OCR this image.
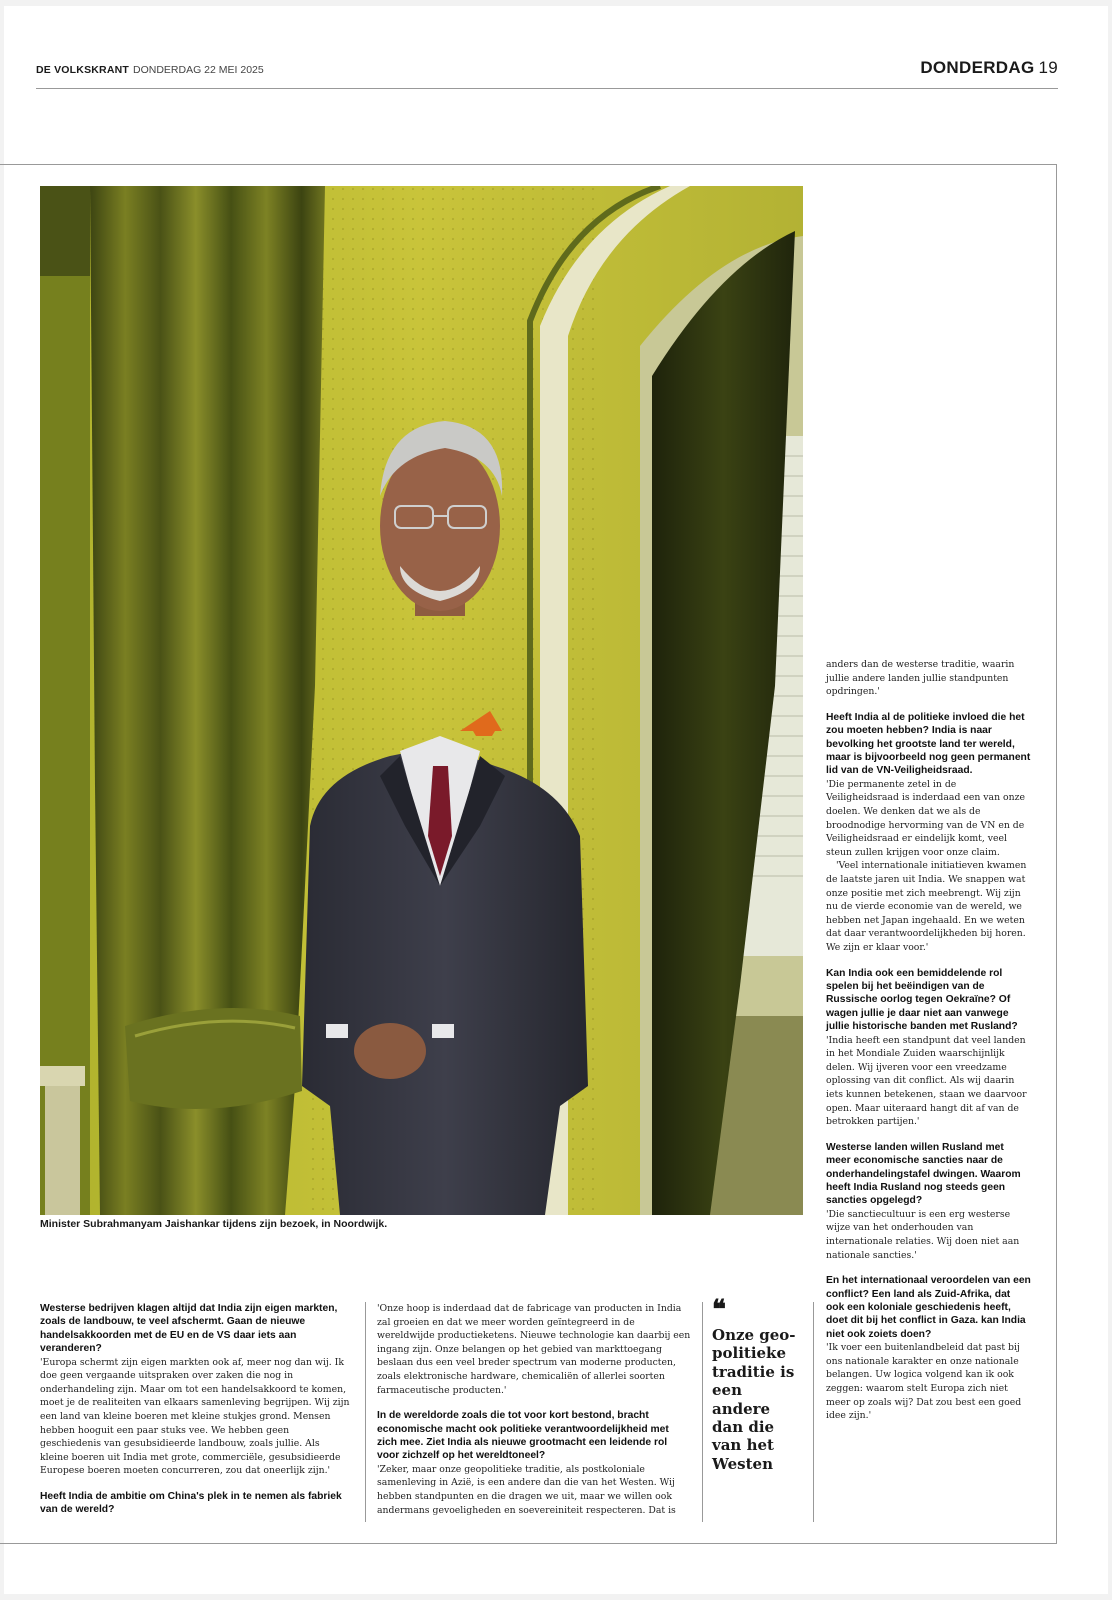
DE VOLKSKRANT DONDERDAG 22 MEI 2025	DONDERDAG 19
Minister Subrahmanyam Jaishankar tijdens zijn bezoek, in Noordwijk.

Westerse bedrijven klagen altijd dat India zijn eigen markten, zoals de landbouw, te veel afschermt. Gaan de nieuwe handelsakkoorden met de EU en de VS daar iets aan veranderen?

'Europa schermt zijn eigen markten ook af, meer nog dan wij. Ik doe geen vergaande uitspraken over zaken die nog in onderhandeling zijn. Maar om tot een handelsakkoord te komen, moet je de realiteiten van elkaars samenleving begrijpen. Wij zijn een land van kleine boeren met kleine stukjes grond. Mensen hebben hooguit een paar stuks vee. We hebben geen geschiedenis van gesubsidieerde landbouw, zoals jullie. Als kleine boeren uit India met grote, commerciële, gesubsidieerde Europese boeren moeten concurreren, zou dat oneerlijk zijn.'

Heeft India de ambitie om China's plek in te nemen als fabriek van de wereld?

'Onze hoop is inderdaad dat de fabricage van producten in India zal groeien en dat we meer worden geïntegreerd in de wereldwijde productieketens. Nieuwe technologie kan daarbij een ingang zijn. Onze belangen op het gebied van markttoegang beslaan dus een veel breder spectrum van moderne producten, zoals elektronische hardware, chemicaliën of allerlei soorten farmaceutische producten.'

In de wereldorde zoals die tot voor kort bestond, bracht economische macht ook politieke verantwoordelijkheid met zich mee. Ziet India als nieuwe grootmacht een leidende rol voor zichzelf op het wereldtoneel?

'Zeker, maar onze geopolitieke traditie, als postkoloniale samenleving in Azië, is een andere dan die van het Westen. Wij hebben standpunten en die dragen we uit, maar we willen ook andermans gevoeligheden en soevereiniteit respecteren. Dat is

❝
Onze geo-politieke traditie is een andere dan die van het Westen

anders dan de westerse traditie, waarin jullie andere landen jullie standpunten opdringen.'

Heeft India al de politieke invloed die het zou moeten hebben? India is naar bevolking het grootste land ter wereld, maar is bijvoorbeeld nog geen permanent lid van de VN-Veiligheidsraad.

'Die permanente zetel in de Veiligheidsraad is inderdaad een van onze doelen. We denken dat we als de broodnodige hervorming van de VN en de Veiligheidsraad er eindelijk komt, veel steun zullen krijgen voor onze claim.

'Veel internationale initiatieven kwamen de laatste jaren uit India. We snappen wat onze positie met zich meebrengt. Wij zijn nu de vierde economie van de wereld, we hebben net Japan ingehaald. En we weten dat daar verantwoordelijkheden bij horen. We zijn er klaar voor.'

Kan India ook een bemiddelende rol spelen bij het beëindigen van de Russische oorlog tegen Oekraïne? Of wagen jullie je daar niet aan vanwege jullie historische banden met Rusland?

'India heeft een standpunt dat veel landen in het Mondiale Zuiden waarschijnlijk delen. Wij ijveren voor een vreedzame oplossing van dit conflict. Als wij daarin iets kunnen betekenen, staan we daarvoor open. Maar uiteraard hangt dit af van de betrokken partijen.'

Westerse landen willen Rusland met meer economische sancties naar de onderhandelingstafel dwingen. Waarom heeft India Rusland nog steeds geen sancties opgelegd?

'Die sanctiecultuur is een erg westerse wijze van het onderhouden van internationale relaties. Wij doen niet aan nationale sancties.'

En het internationaal veroordelen van een conflict? Een land als Zuid-Afrika, dat ook een koloniale geschiedenis heeft, doet dit bij het conflict in Gaza. kan India niet ook zoiets doen?

'Ik voer een buitenlandbeleid dat past bij ons nationale karakter en onze nationale belangen. Uw logica volgend kan ik ook zeggen: waarom stelt Europa zich niet meer op zoals wij? Dat zou best een goed idee zijn.'
